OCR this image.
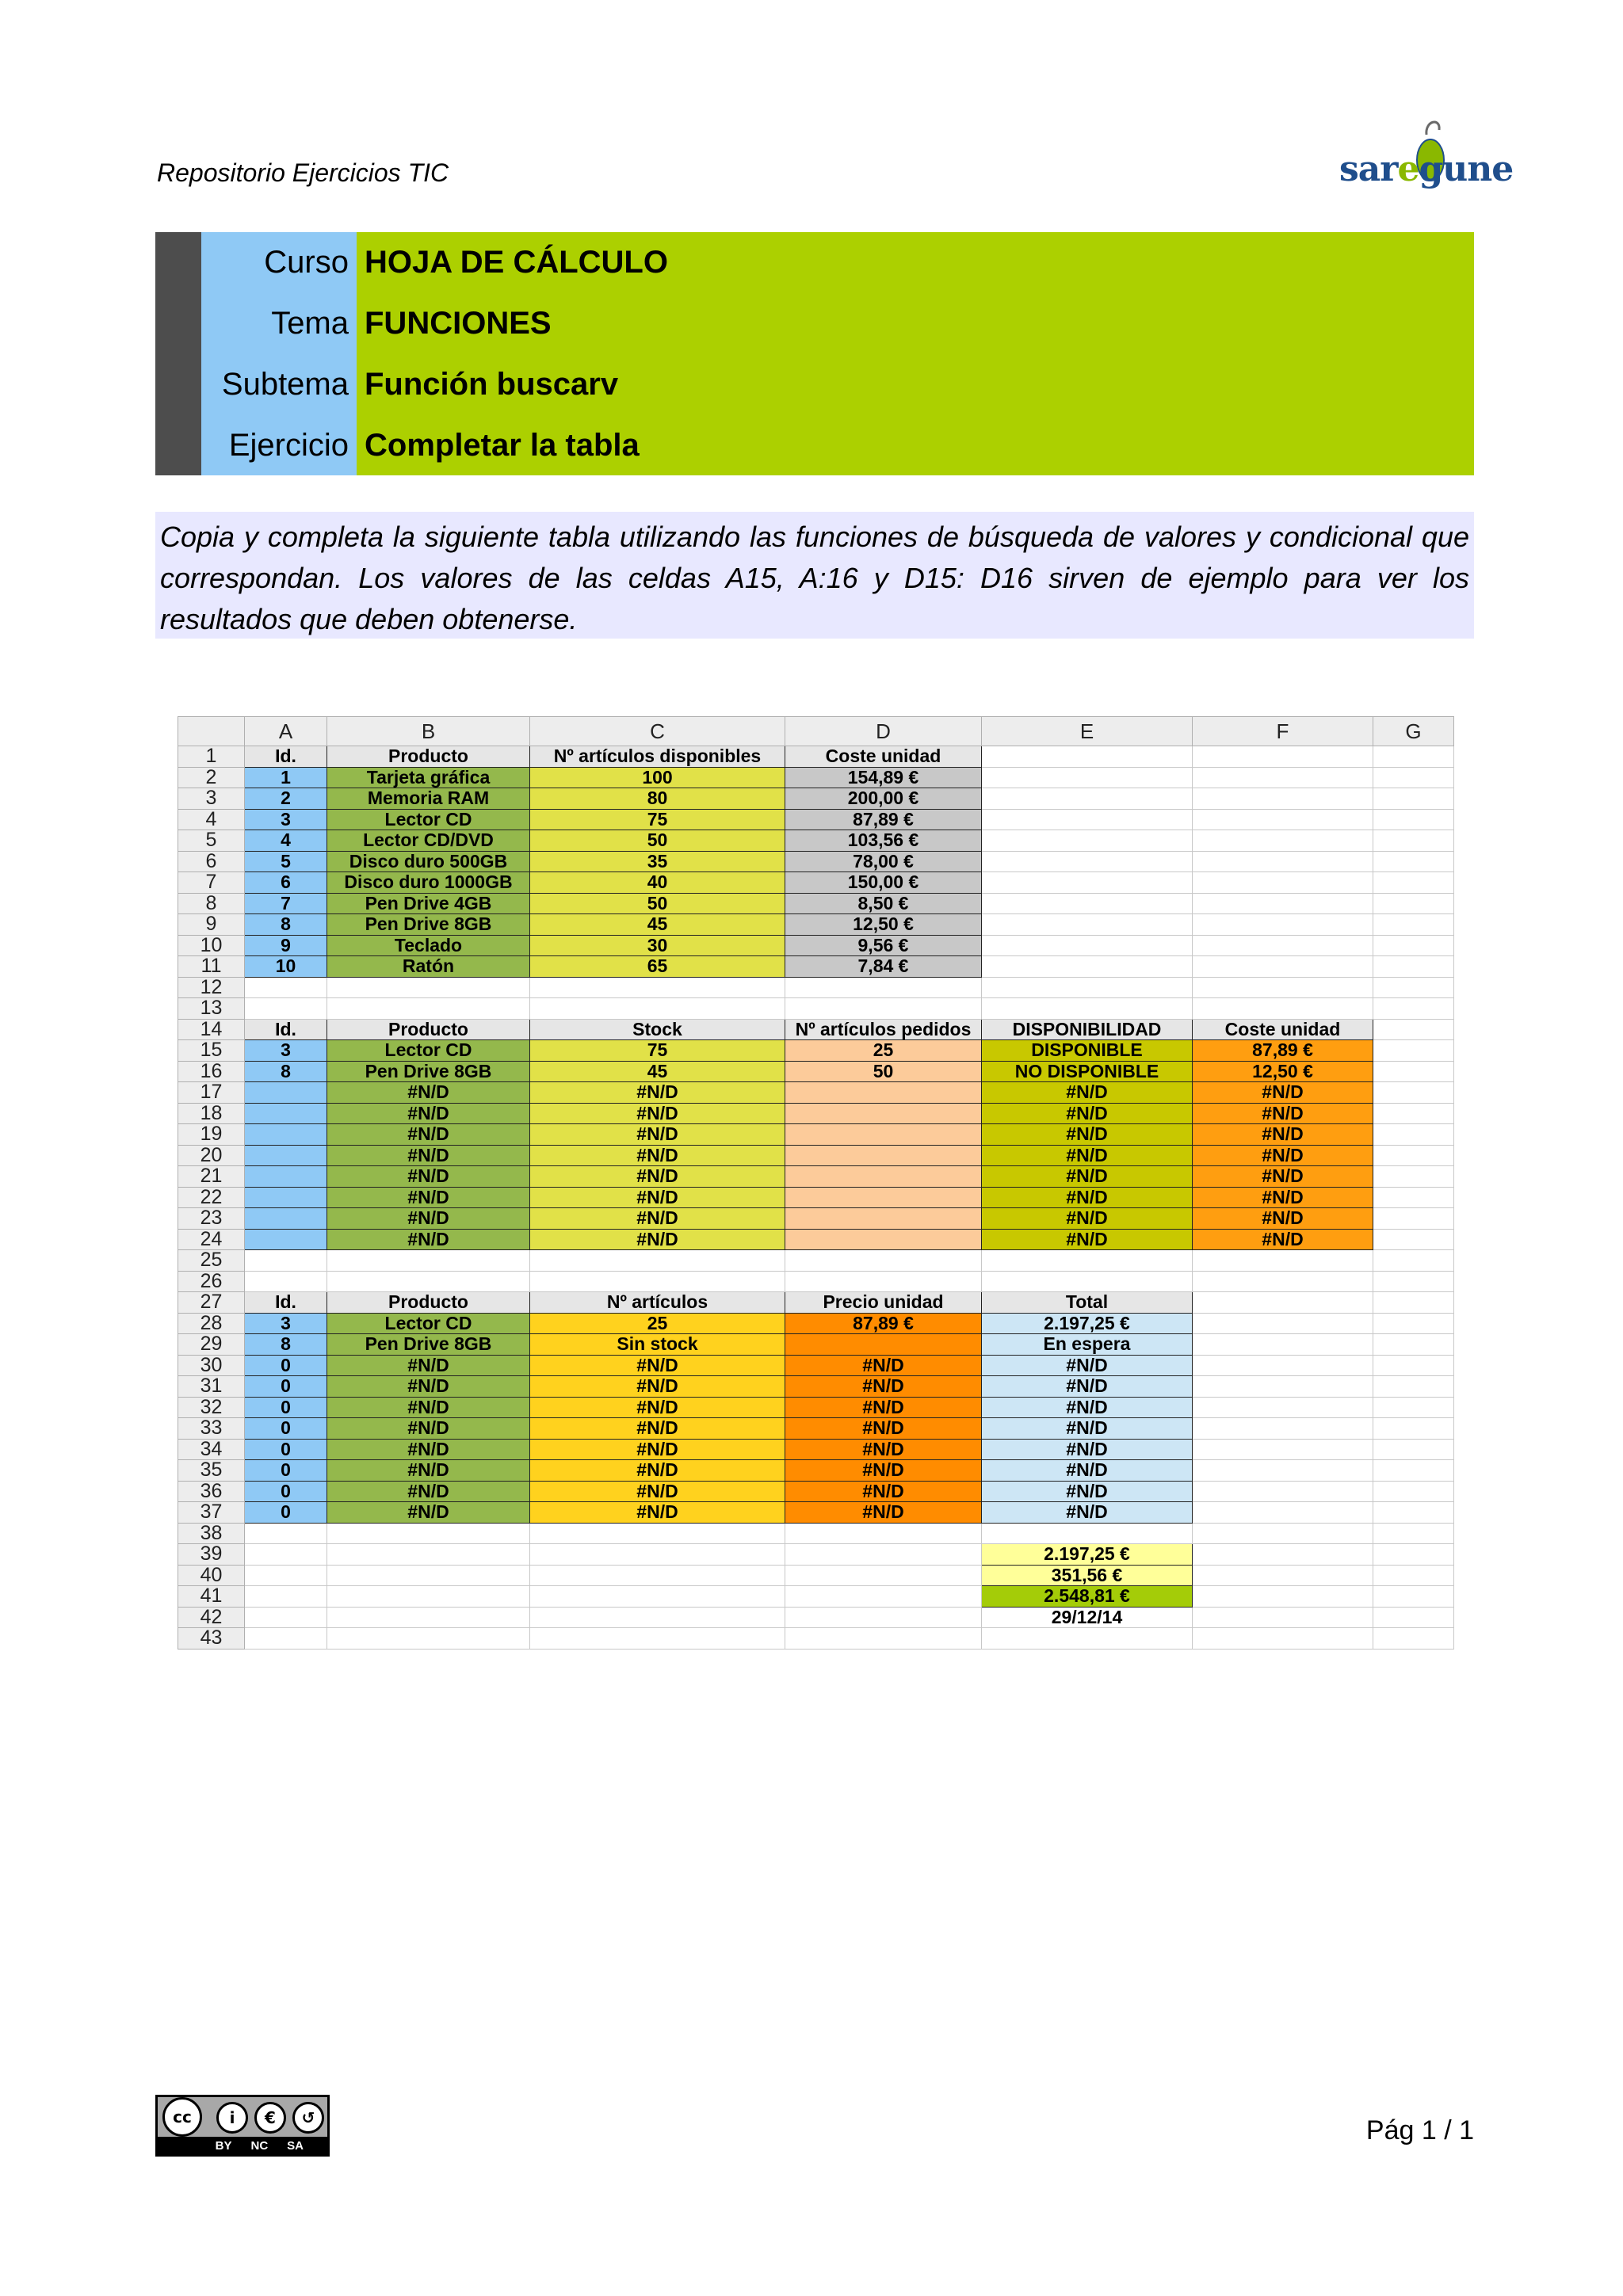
Repositorio Ejercicios TIC	saregune
Curso HOJA DE CÁLCULO
Tema FUNCIONES
Subtema Función buscarv
Ejercicio Completar la tabla
Copia y completa la siguiente tabla utilizando las funciones de búsqueda de valores y condicional que correspondan. Los valores de las celdas A15, A:16 y D15: D16 sirven de ejemplo para ver los resultados que deben obtenerse.
	A	B	C	D	E	F	G
1	Id.	Producto	Nº artículos disponibles	Coste unidad			
2	1	Tarjeta gráfica	100	154,89 €			
3	2	Memoria RAM	80	200,00 €			
4	3	Lector CD	75	87,89 €			
5	4	Lector CD/DVD	50	103,56 €			
6	5	Disco duro 500GB	35	78,00 €			
7	6	Disco duro 1000GB	40	150,00 €			
8	7	Pen Drive 4GB	50	8,50 €			
9	8	Pen Drive 8GB	45	12,50 €			
10	9	Teclado	30	9,56 €			
11	10	Ratón	65	7,84 €			
12							
13							
14	Id.	Producto	Stock	Nº artículos pedidos	DISPONIBILIDAD	Coste unidad	
15	3	Lector CD	75	25	DISPONIBLE	87,89 €	
16	8	Pen Drive 8GB	45	50	NO DISPONIBLE	12,50 €	
17		#N/D	#N/D		#N/D	#N/D	
18		#N/D	#N/D		#N/D	#N/D	
19		#N/D	#N/D		#N/D	#N/D	
20		#N/D	#N/D		#N/D	#N/D	
21		#N/D	#N/D		#N/D	#N/D	
22		#N/D	#N/D		#N/D	#N/D	
23		#N/D	#N/D		#N/D	#N/D	
24		#N/D	#N/D		#N/D	#N/D	
25							
26							
27	Id.	Producto	Nº artículos	Precio unidad	Total		
28	3	Lector CD	25	87,89 €	2.197,25 €		
29	8	Pen Drive 8GB	Sin stock		En espera		
30	0	#N/D	#N/D	#N/D	#N/D		
31	0	#N/D	#N/D	#N/D	#N/D		
32	0	#N/D	#N/D	#N/D	#N/D		
33	0	#N/D	#N/D	#N/D	#N/D		
34	0	#N/D	#N/D	#N/D	#N/D		
35	0	#N/D	#N/D	#N/D	#N/D		
36	0	#N/D	#N/D	#N/D	#N/D		
37	0	#N/D	#N/D	#N/D	#N/D		
38							
39					2.197,25 €		
40					351,56 €		
41					2.548,81 €		
42					29/12/14		
43							
cc	i	€	↺
BY NC SA
Pág 1 / 1
